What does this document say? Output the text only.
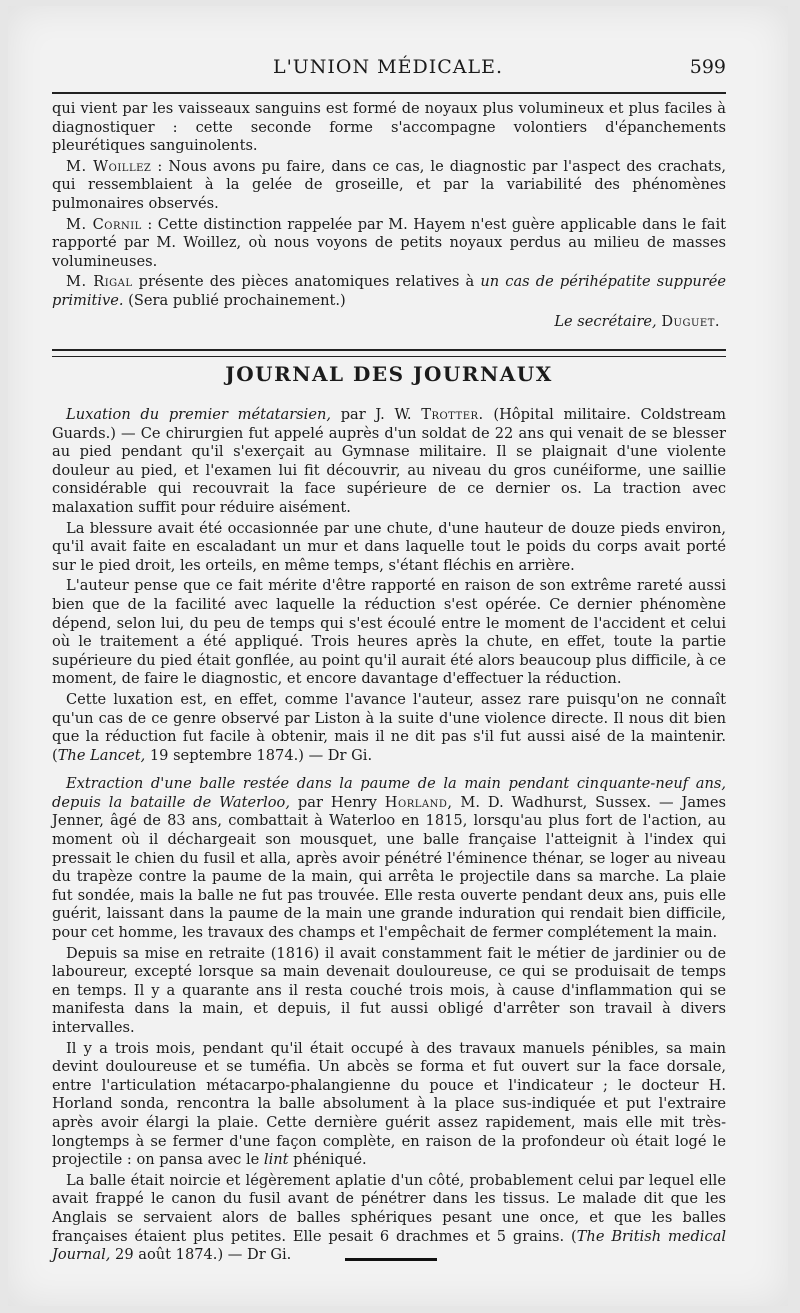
L'UNION MÉDICALE.	599

qui vient par les vaisseaux sanguins est formé de noyaux plus volumineux et plus faciles à diagnostiquer : cette seconde forme s'accompagne volontiers d'épanchements pleurétiques sanguinolents.

M. Woillez : Nous avons pu faire, dans ce cas, le diagnostic par l'aspect des crachats, qui ressemblaient à la gelée de groseille, et par la variabilité des phénomènes pulmonaires observés.

M. Cornil : Cette distinction rappelée par M. Hayem n'est guère applicable dans le fait rapporté par M. Woillez, où nous voyons de petits noyaux perdus au milieu de masses volumineuses.

M. Rigal présente des pièces anatomiques relatives à un cas de périhépatite suppurée primitive. (Sera publié prochainement.)

Le secrétaire, Duguet.

JOURNAL DES JOURNAUX

Luxation du premier métatarsien, par J. W. Trotter. (Hôpital militaire. Coldstream Guards.) — Ce chirurgien fut appelé auprès d'un soldat de 22 ans qui venait de se blesser au pied pendant qu'il s'exerçait au Gymnase militaire. Il se plaignait d'une violente douleur au pied, et l'examen lui fit découvrir, au niveau du gros cunéiforme, une saillie considérable qui recouvrait la face supérieure de ce dernier os. La traction avec malaxation suffit pour réduire aisément.

La blessure avait été occasionnée par une chute, d'une hauteur de douze pieds environ, qu'il avait faite en escaladant un mur et dans laquelle tout le poids du corps avait porté sur le pied droit, les orteils, en même temps, s'étant fléchis en arrière.

L'auteur pense que ce fait mérite d'être rapporté en raison de son extrême rareté aussi bien que de la facilité avec laquelle la réduction s'est opérée. Ce dernier phénomène dépend, selon lui, du peu de temps qui s'est écoulé entre le moment de l'accident et celui où le traitement a été appliqué. Trois heures après la chute, en effet, toute la partie supérieure du pied était gonflée, au point qu'il aurait été alors beaucoup plus difficile, à ce moment, de faire le diagnostic, et encore davantage d'effectuer la réduction.

Cette luxation est, en effet, comme l'avance l'auteur, assez rare puisqu'on ne connaît qu'un cas de ce genre observé par Liston à la suite d'une violence directe. Il nous dit bien que la réduction fut facile à obtenir, mais il ne dit pas s'il fut aussi aisé de la maintenir. (The Lancet, 19 septembre 1874.) — Dr Gi.

Extraction d'une balle restée dans la paume de la main pendant cinquante-neuf ans, depuis la bataille de Waterloo, par Henry Horland, M. D. Wadhurst, Sussex. — James Jenner, âgé de 83 ans, combattait à Waterloo en 1815, lorsqu'au plus fort de l'action, au moment où il déchargeait son mousquet, une balle française l'atteignit à l'index qui pressait le chien du fusil et alla, après avoir pénétré l'éminence thénar, se loger au niveau du trapèze contre la paume de la main, qui arrêta le projectile dans sa marche. La plaie fut sondée, mais la balle ne fut pas trouvée. Elle resta ouverte pendant deux ans, puis elle guérit, laissant dans la paume de la main une grande induration qui rendait bien difficile, pour cet homme, les travaux des champs et l'empêchait de fermer complétement la main.

Depuis sa mise en retraite (1816) il avait constamment fait le métier de jardinier ou de laboureur, excepté lorsque sa main devenait douloureuse, ce qui se produisait de temps en temps. Il y a quarante ans il resta couché trois mois, à cause d'inflammation qui se manifesta dans la main, et depuis, il fut aussi obligé d'arrêter son travail à divers intervalles.

Il y a trois mois, pendant qu'il était occupé à des travaux manuels pénibles, sa main devint douloureuse et se tuméfia. Un abcès se forma et fut ouvert sur la face dorsale, entre l'articulation métacarpo-phalangienne du pouce et l'indicateur ; le docteur H. Horland sonda, rencontra la balle absolument à la place sus-indiquée et put l'extraire après avoir élargi la plaie. Cette dernière guérit assez rapidement, mais elle mit très-longtemps à se fermer d'une façon complète, en raison de la profondeur où était logé le projectile : on pansa avec le lint phéniqué.

La balle était noircie et légèrement aplatie d'un côté, probablement celui par lequel elle avait frappé le canon du fusil avant de pénétrer dans les tissus. Le malade dit que les Anglais se servaient alors de balles sphériques pesant une once, et que les balles françaises étaient plus petites. Elle pesait 6 drachmes et 5 grains. (The British medical Journal, 29 août 1874.) — Dr Gi.
